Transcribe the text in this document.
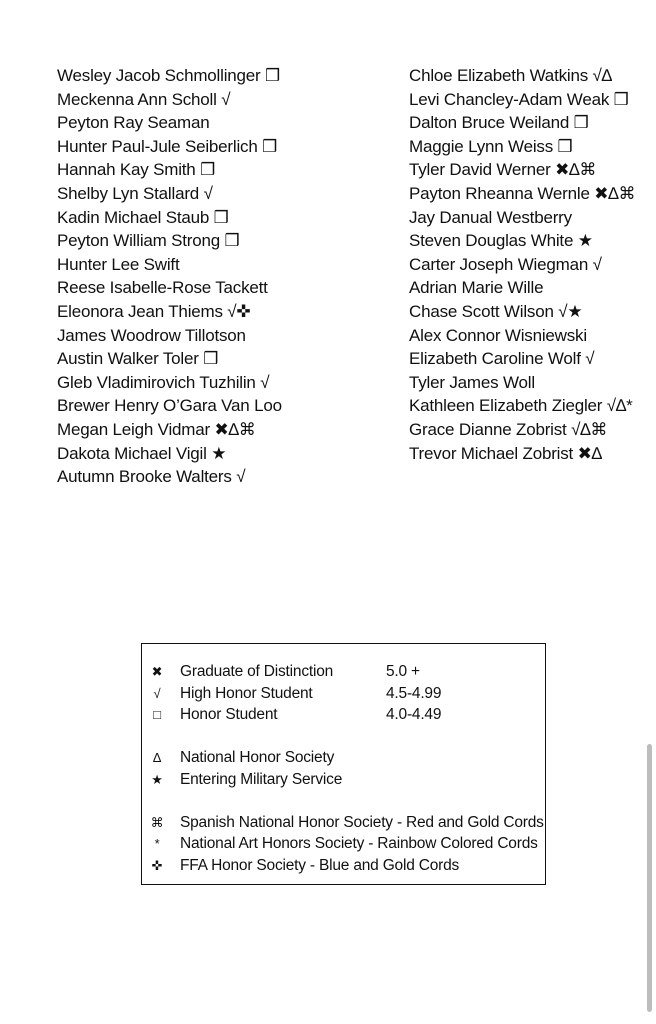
Wesley Jacob Schmollinger ❒
Meckenna Ann Scholl √
Peyton Ray Seaman
Hunter Paul-Jule Seiberlich ❒
Hannah Kay Smith ❒
Shelby Lyn Stallard √
Kadin Michael Staub ❒
Peyton William Strong ❒
Hunter Lee Swift
Reese Isabelle-Rose Tackett
Eleonora Jean Thiems √✜
James Woodrow Tillotson
Austin Walker Toler ❒
Gleb Vladimirovich Tuzhilin √
Brewer Henry O’Gara Van Loo
Megan Leigh Vidmar ✖∆⌘
Dakota Michael Vigil ★
Autumn Brooke Walters √
Chloe Elizabeth Watkins √∆
Levi Chancley-Adam Weak ❒
Dalton Bruce Weiland ❒
Maggie Lynn Weiss ❒
Tyler David Werner ✖∆⌘
Payton Rheanna Wernle ✖∆⌘
Jay Danual Westberry
Steven Douglas White ★
Carter Joseph Wiegman √
Adrian Marie Wille
Chase Scott Wilson √★
Alex Connor Wisniewski
Elizabeth Caroline Wolf √
Tyler James Woll
Kathleen Elizabeth Ziegler √∆*
Grace Dianne Zobrist √∆⌘
Trevor Michael Zobrist ✖∆
✖ Graduate of Distinction	5.0 +
√	High Honor Student	4.5-4.99
□	Honor Student	4.0-4.49
∆	National Honor Society
★ Entering Military Service
⌘ Spanish National Honor Society - Red and Gold Cords
*	National Art Honors Society - Rainbow Colored Cords
✜ FFA Honor Society - Blue and Gold Cords
